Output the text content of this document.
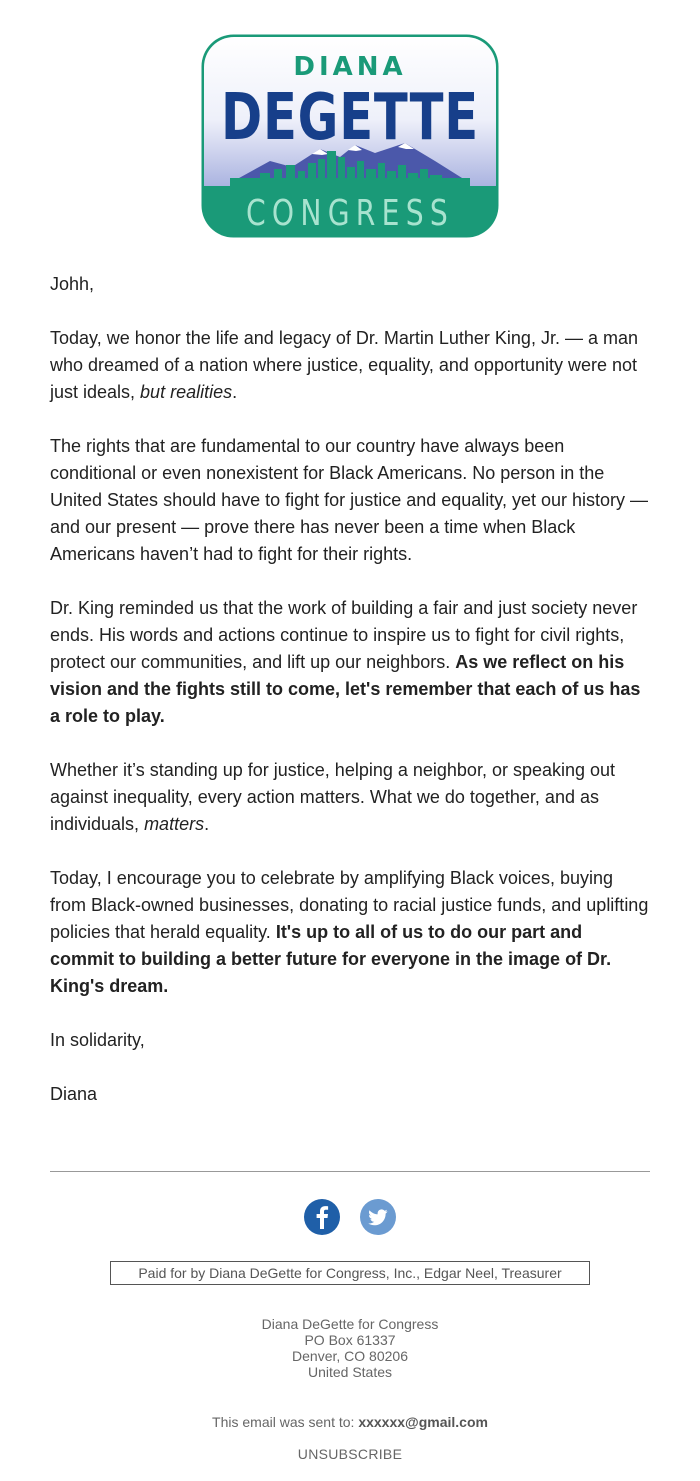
DIANA
DEGETTE
CONGRESS

Johh,

Today, we honor the life and legacy of Dr. Martin Luther King, Jr. — a man who dreamed of a nation where justice, equality, and opportunity were not just ideals, but realities.

The rights that are fundamental to our country have always been conditional or even nonexistent for Black Americans. No person in the United States should have to fight for justice and equality, yet our history — and our present — prove there has never been a time when Black Americans haven’t had to fight for their rights.

Dr. King reminded us that the work of building a fair and just society never ends. His words and actions continue to inspire us to fight for civil rights, protect our communities, and lift up our neighbors. As we reflect on his vision and the fights still to come, let's remember that each of us has a role to play.

Whether it’s standing up for justice, helping a neighbor, or speaking out against inequality, every action matters. What we do together, and as individuals, matters.

Today, I encourage you to celebrate by amplifying Black voices, buying from Black-owned businesses, donating to racial justice funds, and uplifting policies that herald equality. It's up to all of us to do our part and commit to building a better future for everyone in the image of Dr. King's dream.

In solidarity,

Diana

Paid for by Diana DeGette for Congress, Inc., Edgar Neel, Treasurer
Diana DeGette for Congress
PO Box 61337
Denver, CO 80206
United States
This email was sent to: xxxxxx@gmail.com
UNSUBSCRIBE
